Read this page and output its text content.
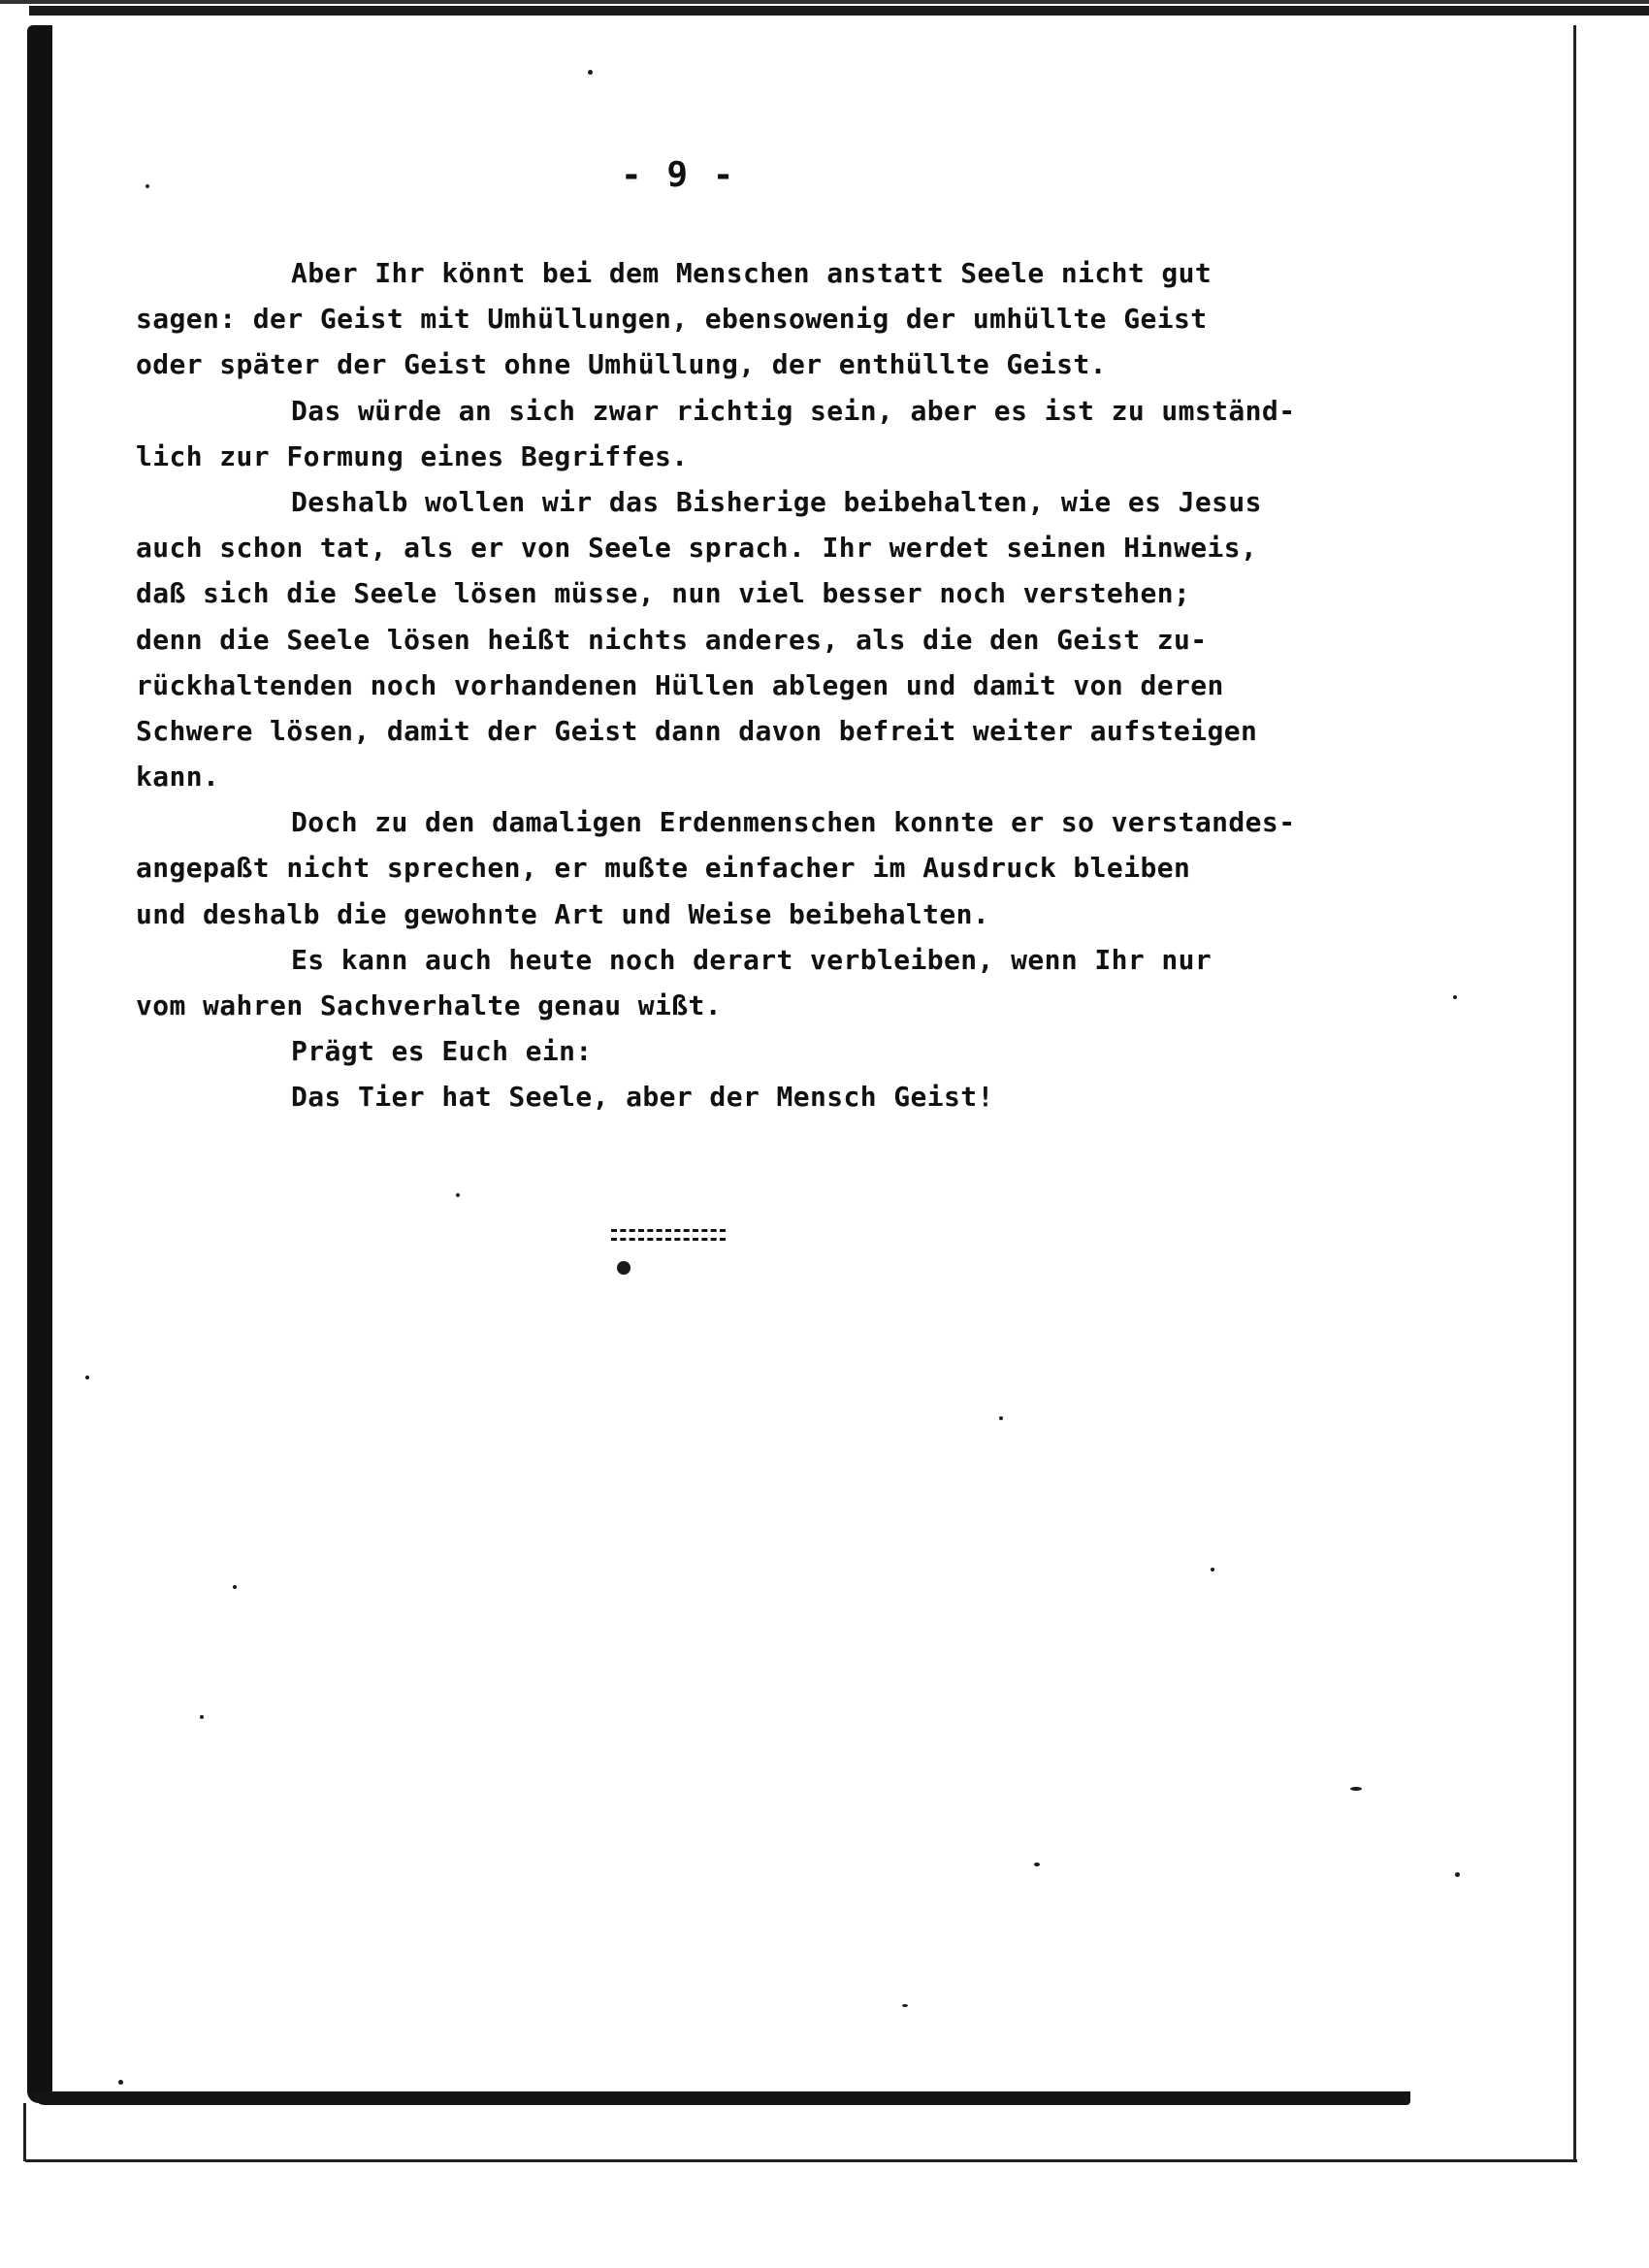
- 9 -
Aber Ihr könnt bei dem Menschen anstatt Seele nicht gut
sagen: der Geist mit Umhüllungen, ebensowenig der umhüllte Geist
oder später der Geist ohne Umhüllung, der enthüllte Geist.
Das würde an sich zwar richtig sein, aber es ist zu umständ-
lich zur Formung eines Begriffes.
Deshalb wollen wir das Bisherige beibehalten, wie es Jesus
auch schon tat, als er von Seele sprach. Ihr werdet seinen Hinweis,
daß sich die Seele lösen müsse, nun viel besser noch verstehen;
denn die Seele lösen heißt nichts anderes, als die den Geist zu-
rückhaltenden noch vorhandenen Hüllen ablegen und damit von deren
Schwere lösen, damit der Geist dann davon befreit weiter aufsteigen
kann.
Doch zu den damaligen Erdenmenschen konnte er so verstandes-
angepaßt nicht sprechen, er mußte einfacher im Ausdruck bleiben
und deshalb die gewohnte Art und Weise beibehalten.
Es kann auch heute noch derart verbleiben, wenn Ihr nur
vom wahren Sachverhalte genau wißt.
Prägt es Euch ein:
Das Tier hat Seele, aber der Mensch Geist!
